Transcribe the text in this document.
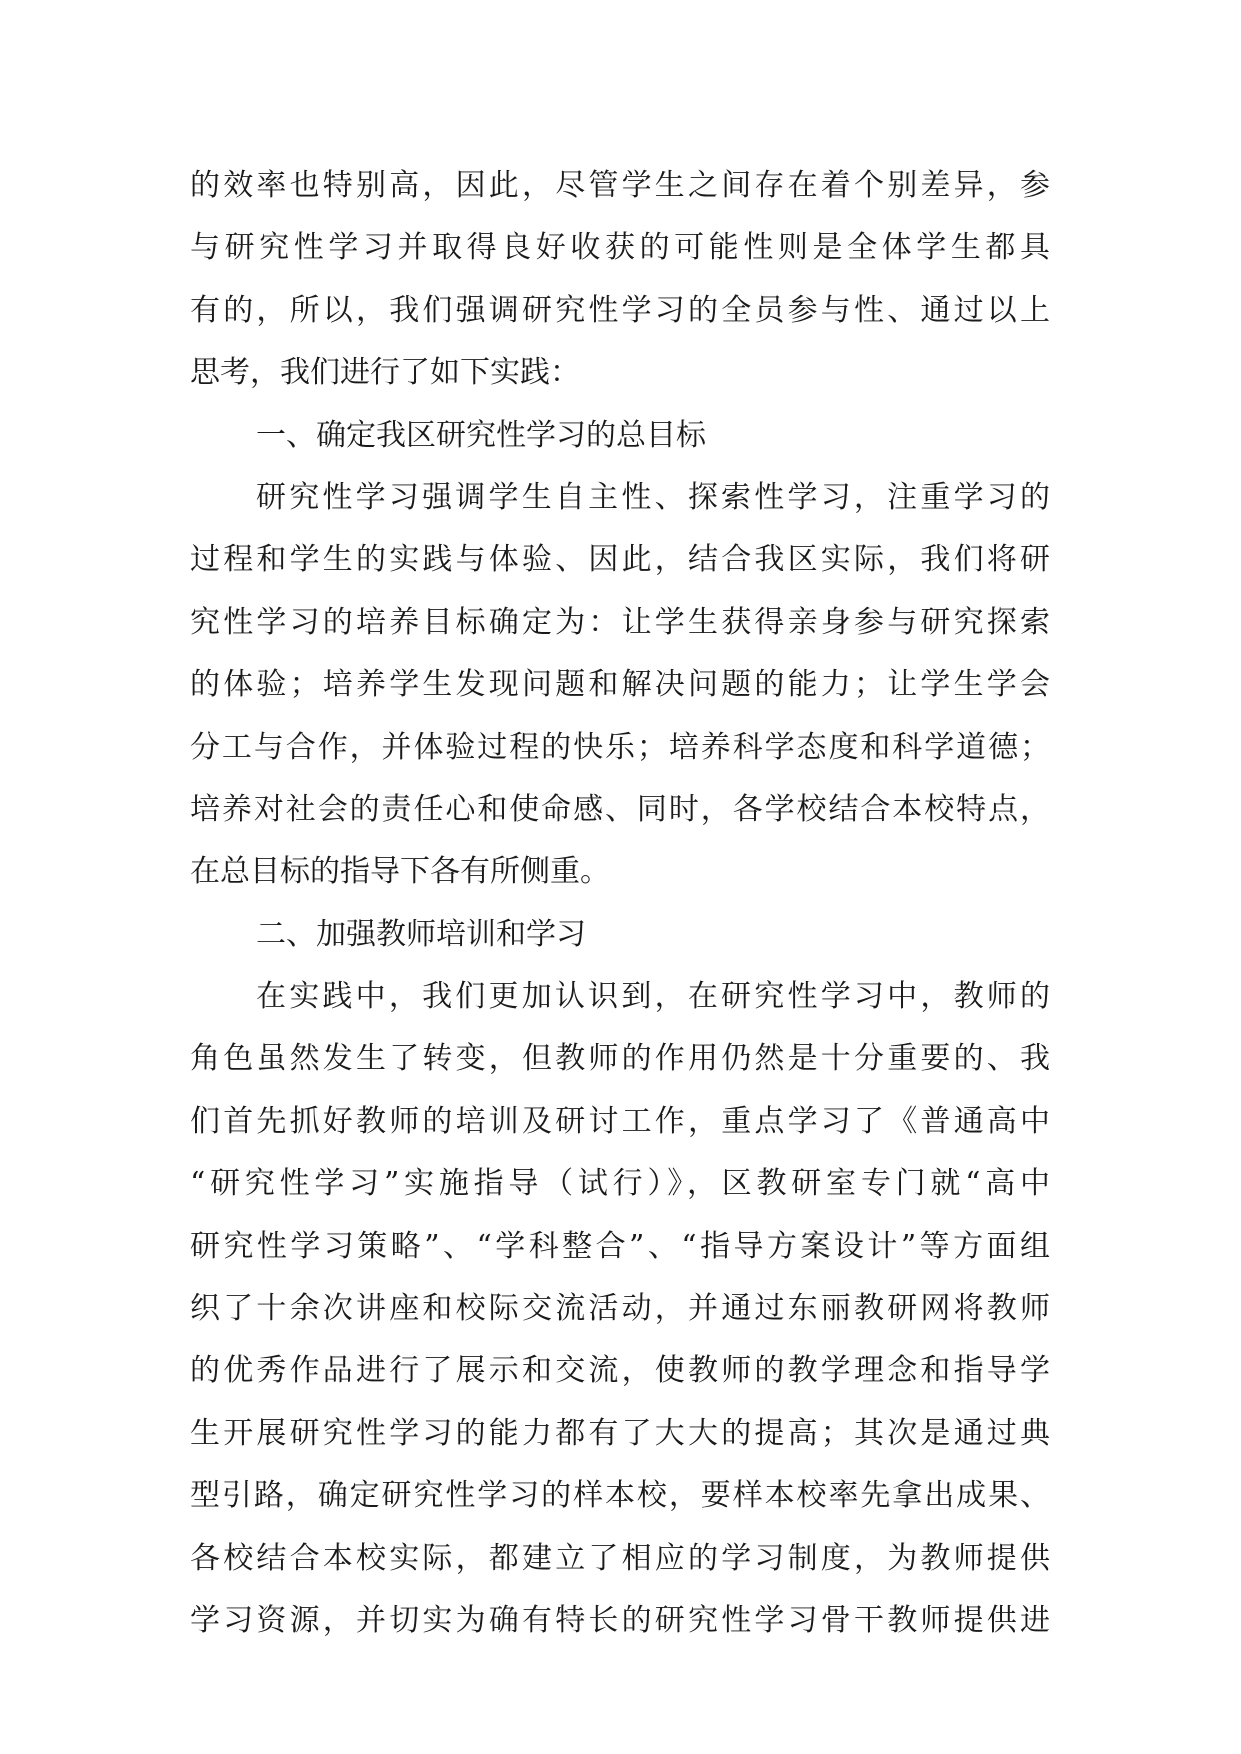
的效率也特别高，因此，尽管学生之间存在着个别差异，参
与研究性学习并取得良好收获的可能性则是全体学生都具
有的，所以，我们强调研究性学习的全员参与性、通过以上
思考，我们进行了如下实践：
一、确定我区研究性学习的总目标
研究性学习强调学生自主性、探索性学习，注重学习的
过程和学生的实践与体验、因此，结合我区实际，我们将研
究性学习的培养目标确定为：让学生获得亲身参与研究探索
的体验；培养学生发现问题和解决问题的能力；让学生学会
分工与合作，并体验过程的快乐；培养科学态度和科学道德；
培养对社会的责任心和使命感、同时，各学校结合本校特点，
在总目标的指导下各有所侧重。
二、加强教师培训和学习
在实践中，我们更加认识到，在研究性学习中，教师的
角色虽然发生了转变，但教师的作用仍然是十分重要的、我
们首先抓好教师的培训及研讨工作，重点学习了《普通高中
“研究性学习”实施指导（试行）》，区教研室专门就“高中
研究性学习策略”、“学科整合”、“指导方案设计”等方面组
织了十余次讲座和校际交流活动，并通过东丽教研网将教师
的优秀作品进行了展示和交流，使教师的教学理念和指导学
生开展研究性学习的能力都有了大大的提高；其次是通过典
型引路，确定研究性学习的样本校，要样本校率先拿出成果、
各校结合本校实际，都建立了相应的学习制度，为教师提供
学习资源，并切实为确有特长的研究性学习骨干教师提供进
